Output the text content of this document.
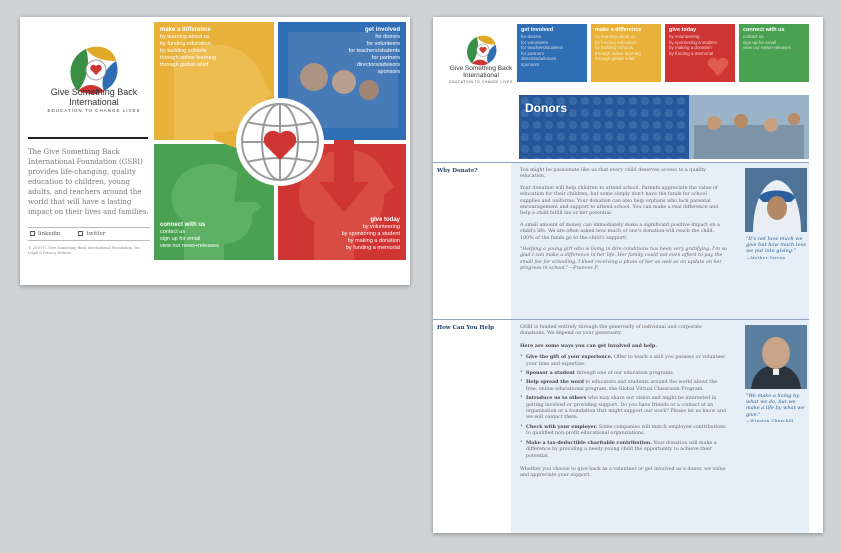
Give Something Back
International
EDUCATION TO CHANGE LIVES
The Give Something Back International Foundation (GSBI) provides life-changing, quality education to children, young adults, and teachers around the world that will have a lasting impact on their lives and families.
linkedin	twitter
© 2010-11 Give Something Back International Foundation, Inc.
Legal & Privacy Notices
make a difference
by learning about us
by funding education
by building schools
through online learning
through global relief
get involved
for donors
for volunteers
for teachers/students
for partners
directors/advisors
sponsors
connect with us
contact us
sign up for email
view our news+releases
give today
by volunteering
by sponsoring a student
by making a donation
by funding a memorial
Give Something Back
International
EDUCATION TO CHANGE LIVES
get involved
for donors
for volunteers
for teachers/students
for partners
directors/advisors
sponsors
make a difference
by learning about us
by funding education
by building schools
through online learning
through global relief
give today
by volunteering
by sponsoring a student
by making a donation
by funding a memorial
connect with us
contact us
sign up for email
view our news+releases
Donors
Why Donate?	You might be passionate like us that every child deserves access to a quality education.
Your donation will help children to attend school. Parents appreciate the value of education for their children, but some simply don't have the funds for school supplies and uniforms. Your donation can also help orphans who lack parental encouragement and support to attend school. You can make a real difference and help a child fulfill his or her potential.
A small amount of money can immediately make a significant positive impact on a child's life. We are often asked how much of one's donation will reach the child. 100% of the funds go to the child's support!
"Helping a young girl who is living in dire conditions has been very gratifying. I'm so glad I can make a difference in her life. Her family could not even afford to pay the small fee for schooling. I liked receiving a photo of her as well as an update on her progress in school."—Frances P.
"It's not how much we give but how much love we put into giving."
—Mother Teresa
How Can You Help	GSBI is funded entirely through the generosity of individual and corporate donations. We depend on your generosity.
Here are some ways you can get involved and help.
• Give the gift of your experience. Offer to teach a skill you possess or volunteer your time and expertise.
• Sponsor a student through one of our education programs.
• Help spread the word to educators and students around the world about the free, online educational program, the Global Virtual Classroom Program.
• Introduce us to others who may share our vision and might be interested in getting involved or providing support. Do you have friends or a contact at an organization or a foundation that might support our work? Please let us know and we will contact them.
• Check with your employer. Some companies will match employee contributions to qualified non-profit educational organizations.
• Make a tax-deductible charitable contribution. Your donation will make a difference by providing a needy young child the opportunity to achieve their potential.
Whether you choose to give back as a volunteer or get involved as a donor, we value and appreciate your support.
"We make a living by what we do, but we make a life by what we give."
—Winston Churchill
